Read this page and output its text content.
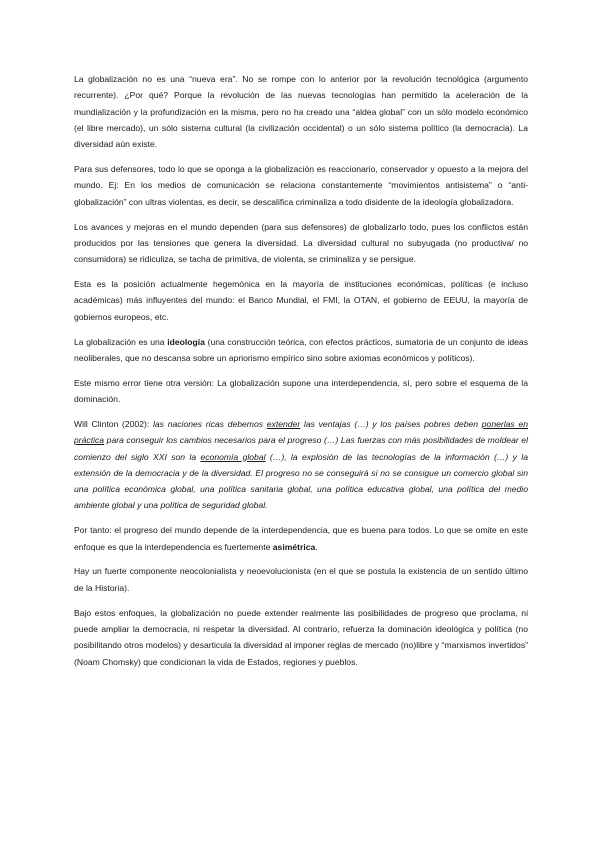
La globalización no es una “nueva era”. No se rompe con lo anterior por la revolución tecnológica (argumento recurrente). ¿Por qué? Porque la revolución de las nuevas tecnologías han permitido la aceleración de la mundialización y la profundización en la misma, pero no ha creado una “aldea global” con un sólo modelo económico (el libre mercado), un sólo sistema cultural (la civilización occidental) o un sólo sistema político (la democracia). La diversidad aún existe.

Para sus defensores, todo lo que se oponga a la globalización es reaccionario, conservador y opuesto a la mejora del mundo. Ej: En los medios de comunicación se relaciona constantemente “movimientos antisistema” o “anti-globalización” con ultras violentas, es decir, se descalifica criminaliza a todo disidente de la ideología globalizadora.

Los avances y mejoras en el mundo dependen (para sus defensores) de globalizarlo todo, pues los conflictos están producidos por las tensiones que genera la diversidad. La diversidad cultural no subyugada (no productiva/ no consumidora) se ridiculiza, se tacha de primitiva, de violenta, se criminaliza y se persigue.

Esta es la posición actualmente hegemónica en la mayoría de instituciones económicas, políticas (e incluso académicas) más influyentes del mundo: el Banco Mundial, el FMI, la OTAN, el gobierno de EEUU, la mayoría de gobiernos europeos, etc.

La globalización es una ideología (una construcción teórica, con efectos prácticos, sumatoria de un conjunto de ideas neoliberales, que no descansa sobre un apriorismo empírico sino sobre axiomas económicos y políticos).

Este mismo error tiene otra versión: La globalización supone una interdependencia, sí, pero sobre el esquema de la dominación.

Will Clinton (2002): las naciones ricas debemos extender las ventajas (…) y los países pobres deben ponerlas en práctica para conseguir los cambios necesarios para el progreso (…) Las fuerzas con más posibilidades de moldear el comienzo del siglo XXI son la economía global (…), la explosión de las tecnologías de la información (…) y la extensión de la democracia y de la diversidad. El progreso no se conseguirá si no se consigue un comercio global sin una política económica global, una política sanitaria global, una política educativa global, una política del medio ambiente global y una política de seguridad global.

Por tanto: el progreso del mundo depende de la interdependencia, que es buena para todos. Lo que se omite en este enfoque es que la interdependencia es fuertemente asimétrica.

Hay un fuerte componente neocolonialista y neoevolucionista (en el que se postula la existencia de un sentido último de la Historia).

Bajo estos enfoques, la globalización no puede extender realmente las posibilidades de progreso que proclama, ni puede ampliar la democracia, ni respetar la diversidad. Al contrario, refuerza la dominación ideológica y política (no posibilitando otros modelos) y desarticula la diversidad al imponer reglas de mercado (no)libre y “marxismos invertidos” (Noam Chomsky) que condicionan la vida de Estados, regiones y pueblos.
